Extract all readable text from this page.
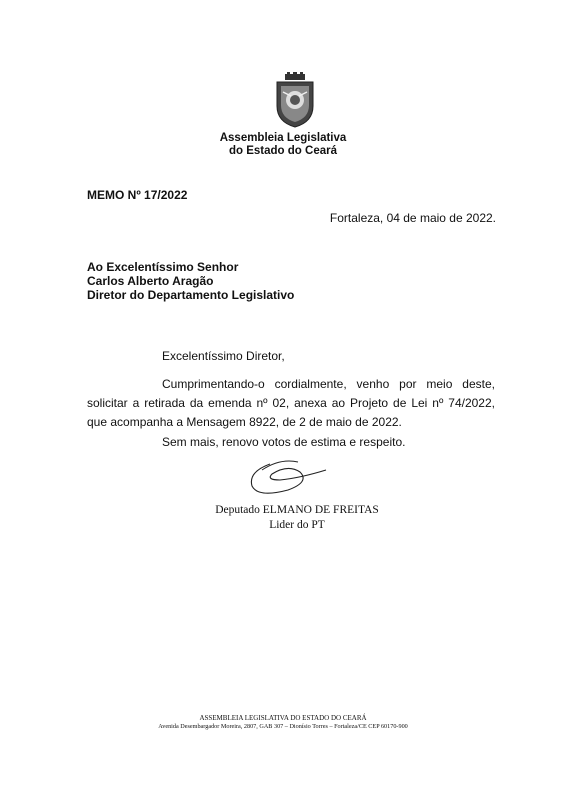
Assembleia Legislativa
do Estado do Ceará
MEMO Nº 17/2022
Fortaleza, 04 de maio de 2022.
Ao Excelentíssimo Senhor
Carlos Alberto Aragão
Diretor do Departamento Legislativo
Excelentíssimo Diretor,
Cumprimentando-o cordialmente, venho por meio deste, solicitar a retirada da emenda nº 02, anexa ao Projeto de Lei nº 74/2022, que acompanha a Mensagem 8922, de 2 de maio de 2022.
Sem mais, renovo votos de estima e respeito.
Deputado ELMANO DE FREITAS
Lider do PT
ASSEMBLEIA LEGISLATIVA DO ESTADO DO CEARÁ
Avenida Desembargador Moreira, 2807, GAB 307 – Dionísio Torres – Fortaleza/CE CEP 60170-900
